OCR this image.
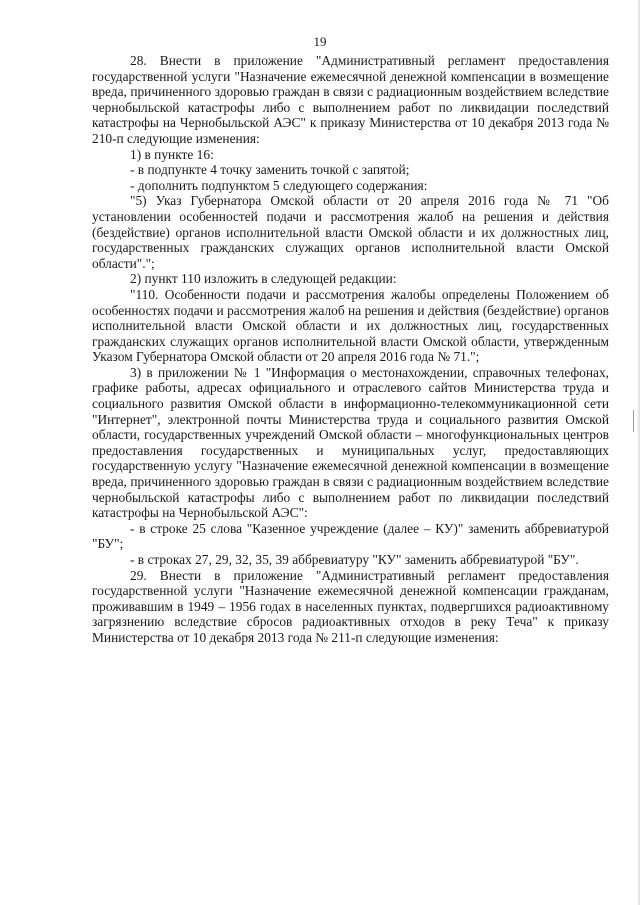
19

28. Внести в приложение "Административный регламент предоставления государственной услуги "Назначение ежемесячной денежной компенсации в возмещение вреда, причиненного здоровью граждан в связи с радиационным воздействием вследствие чернобыльской катастрофы либо с выполнением работ по ликвидации последствий катастрофы на Чернобыльской АЭС" к приказу Министерства от 10 декабря 2013 года № 210-п следующие изменения:

1) в пункте 16:

- в подпункте 4 точку заменить точкой с запятой;

- дополнить подпунктом 5 следующего содержания:

"5) Указ Губернатора Омской области от 20 апреля 2016 года № 71 "Об установлении особенностей подачи и рассмотрения жалоб на решения и действия (бездействие) органов исполнительной власти Омской области и их должностных лиц, государственных гражданских служащих органов исполнительной власти Омской области".";

2) пункт 110 изложить в следующей редакции:

"110. Особенности подачи и рассмотрения жалобы определены Положением об особенностях подачи и рассмотрения жалоб на решения и действия (бездействие) органов исполнительной власти Омской области и их должностных лиц, государственных гражданских служащих органов исполнительной власти Омской области, утвержденным Указом Губернатора Омской области от 20 апреля 2016 года № 71.";

3) в приложении № 1 "Информация о местонахождении, справочных телефонах, графике работы, адресах официального и отраслевого сайтов Министерства труда и социального развития Омской области в информационно-телекоммуникационной сети "Интернет", электронной почты Министерства труда и социального развития Омской области, государственных учреждений Омской области – многофункциональных центров предоставления государственных и муниципальных услуг, предоставляющих государственную услугу "Назначение ежемесячной денежной компенсации в возмещение вреда, причиненного здоровью граждан в связи с радиационным воздействием вследствие чернобыльской катастрофы либо с выполнением работ по ликвидации последствий катастрофы на Чернобыльской АЭС":

- в строке 25 слова "Казенное учреждение (далее – КУ)" заменить аббревиатурой "БУ";

- в строках 27, 29, 32, 35, 39 аббревиатуру "КУ" заменить аббревиатурой "БУ".

29. Внести в приложение "Административный регламент предоставления государственной услуги "Назначение ежемесячной денежной компенсации гражданам, проживавшим в 1949 – 1956 годах в населенных пунктах, подвергшихся радиоактивному загрязнению вследствие сбросов радиоактивных отходов в реку Теча" к приказу Министерства от 10 декабря 2013 года № 211-п следующие изменения:
